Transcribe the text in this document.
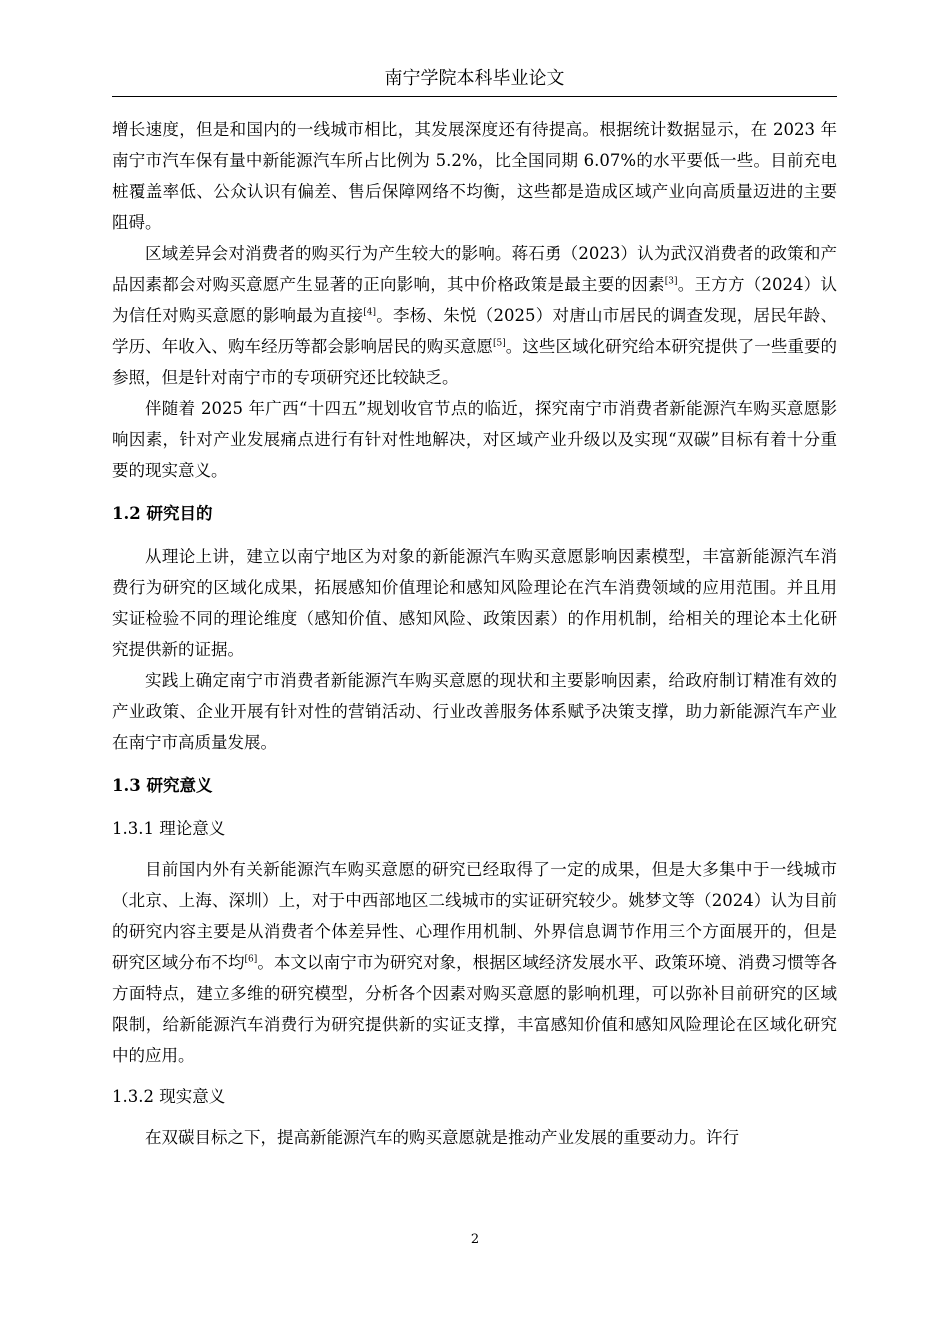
南宁学院本科毕业论文

增长速度，但是和国内的一线城市相比，其发展深度还有待提高。根据统计数据显示，在 2023 年南宁市汽车保有量中新能源汽车所占比例为 5.2%，比全国同期 6.07%的水平要低一些。目前充电桩覆盖率低、公众认识有偏差、售后保障网络不均衡，这些都是造成区域产业向高质量迈进的主要阻碍。

区域差异会对消费者的购买行为产生较大的影响。蒋石勇（2023）认为武汉消费者的政策和产品因素都会对购买意愿产生显著的正向影响，其中价格政策是最主要的因素[3]。王方方（2024）认为信任对购买意愿的影响最为直接[4]。李杨、朱悦（2025）对唐山市居民的调查发现，居民年龄、学历、年收入、购车经历等都会影响居民的购买意愿[5]。这些区域化研究给本研究提供了一些重要的参照，但是针对南宁市的专项研究还比较缺乏。

伴随着 2025 年广西“十四五”规划收官节点的临近，探究南宁市消费者新能源汽车购买意愿影响因素，针对产业发展痛点进行有针对性地解决，对区域产业升级以及实现“双碳”目标有着十分重要的现实意义。

1.2 研究目的

从理论上讲，建立以南宁地区为对象的新能源汽车购买意愿影响因素模型，丰富新能源汽车消费行为研究的区域化成果，拓展感知价值理论和感知风险理论在汽车消费领域的应用范围。并且用实证检验不同的理论维度（感知价值、感知风险、政策因素）的作用机制，给相关的理论本土化研究提供新的证据。

实践上确定南宁市消费者新能源汽车购买意愿的现状和主要影响因素，给政府制订精准有效的产业政策、企业开展有针对性的营销活动、行业改善服务体系赋予决策支撑，助力新能源汽车产业在南宁市高质量发展。

1.3 研究意义
1.3.1 理论意义

目前国内外有关新能源汽车购买意愿的研究已经取得了一定的成果，但是大多集中于一线城市（北京、上海、深圳）上，对于中西部地区二线城市的实证研究较少。姚梦文等（2024）认为目前的研究内容主要是从消费者个体差异性、心理作用机制、外界信息调节作用三个方面展开的，但是研究区域分布不均[6]。本文以南宁市为研究对象，根据区域经济发展水平、政策环境、消费习惯等各方面特点，建立多维的研究模型，分析各个因素对购买意愿的影响机理，可以弥补目前研究的区域限制，给新能源汽车消费行为研究提供新的实证支撑，丰富感知价值和感知风险理论在区域化研究中的应用。

1.3.2 现实意义

在双碳目标之下，提高新能源汽车的购买意愿就是推动产业发展的重要动力。许行

2
